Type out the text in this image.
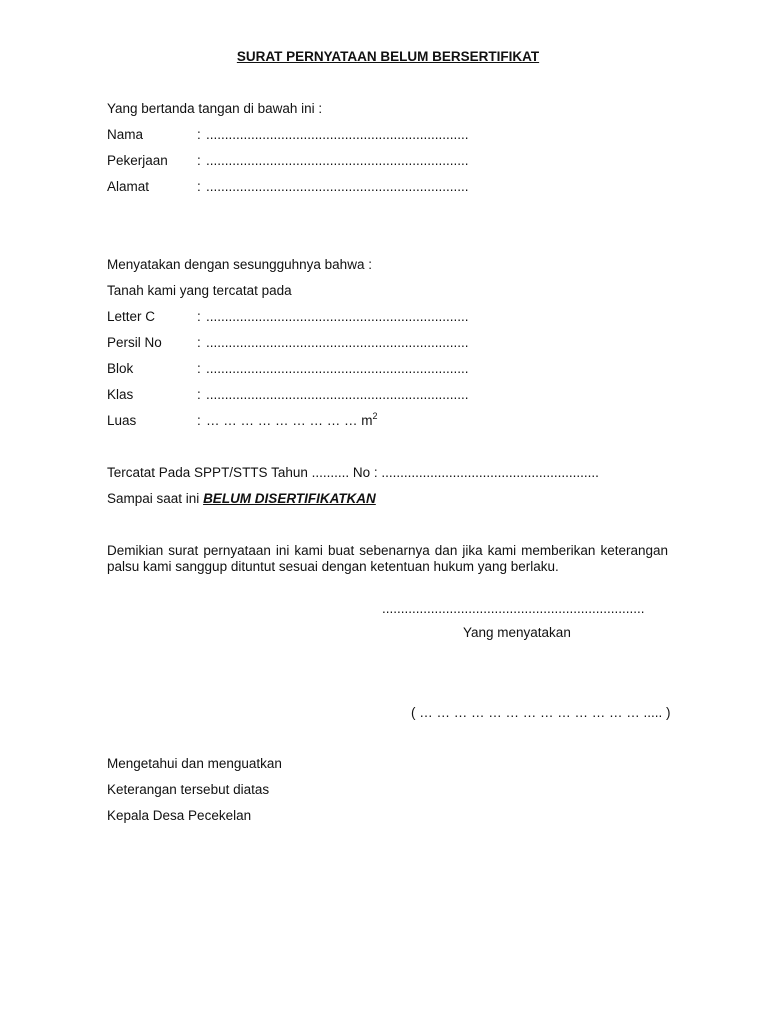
SURAT PERNYATAAN BELUM BERSERTIFIKAT
Yang bertanda tangan di bawah ini :
Nama	: ......................................................................
Pekerjaan : ......................................................................
Alamat	: ......................................................................
Menyatakan dengan sesungguhnya bahwa :
Tanah kami yang tercatat pada
Letter C	: ......................................................................
Persil No	: ......................................................................
Blok	: ......................................................................
Klas	: ......................................................................
Luas	: … … … … … … … … … $m^2$
Tercatat Pada SPPT/STTS Tahun .......... No : ..........................................................
Sampai saat ini BELUM DISERTIFIKATKAN
Demikian surat pernyataan ini kami buat sebenarnya dan jika kami memberikan keterangan palsu kami sanggup dituntut sesuai dengan ketentuan hukum yang berlaku.
......................................................................
Yang menyatakan
( … … … … … … … … … … … … … ..... )
Mengetahui dan menguatkan
Keterangan tersebut diatas
Kepala Desa Pecekelan
